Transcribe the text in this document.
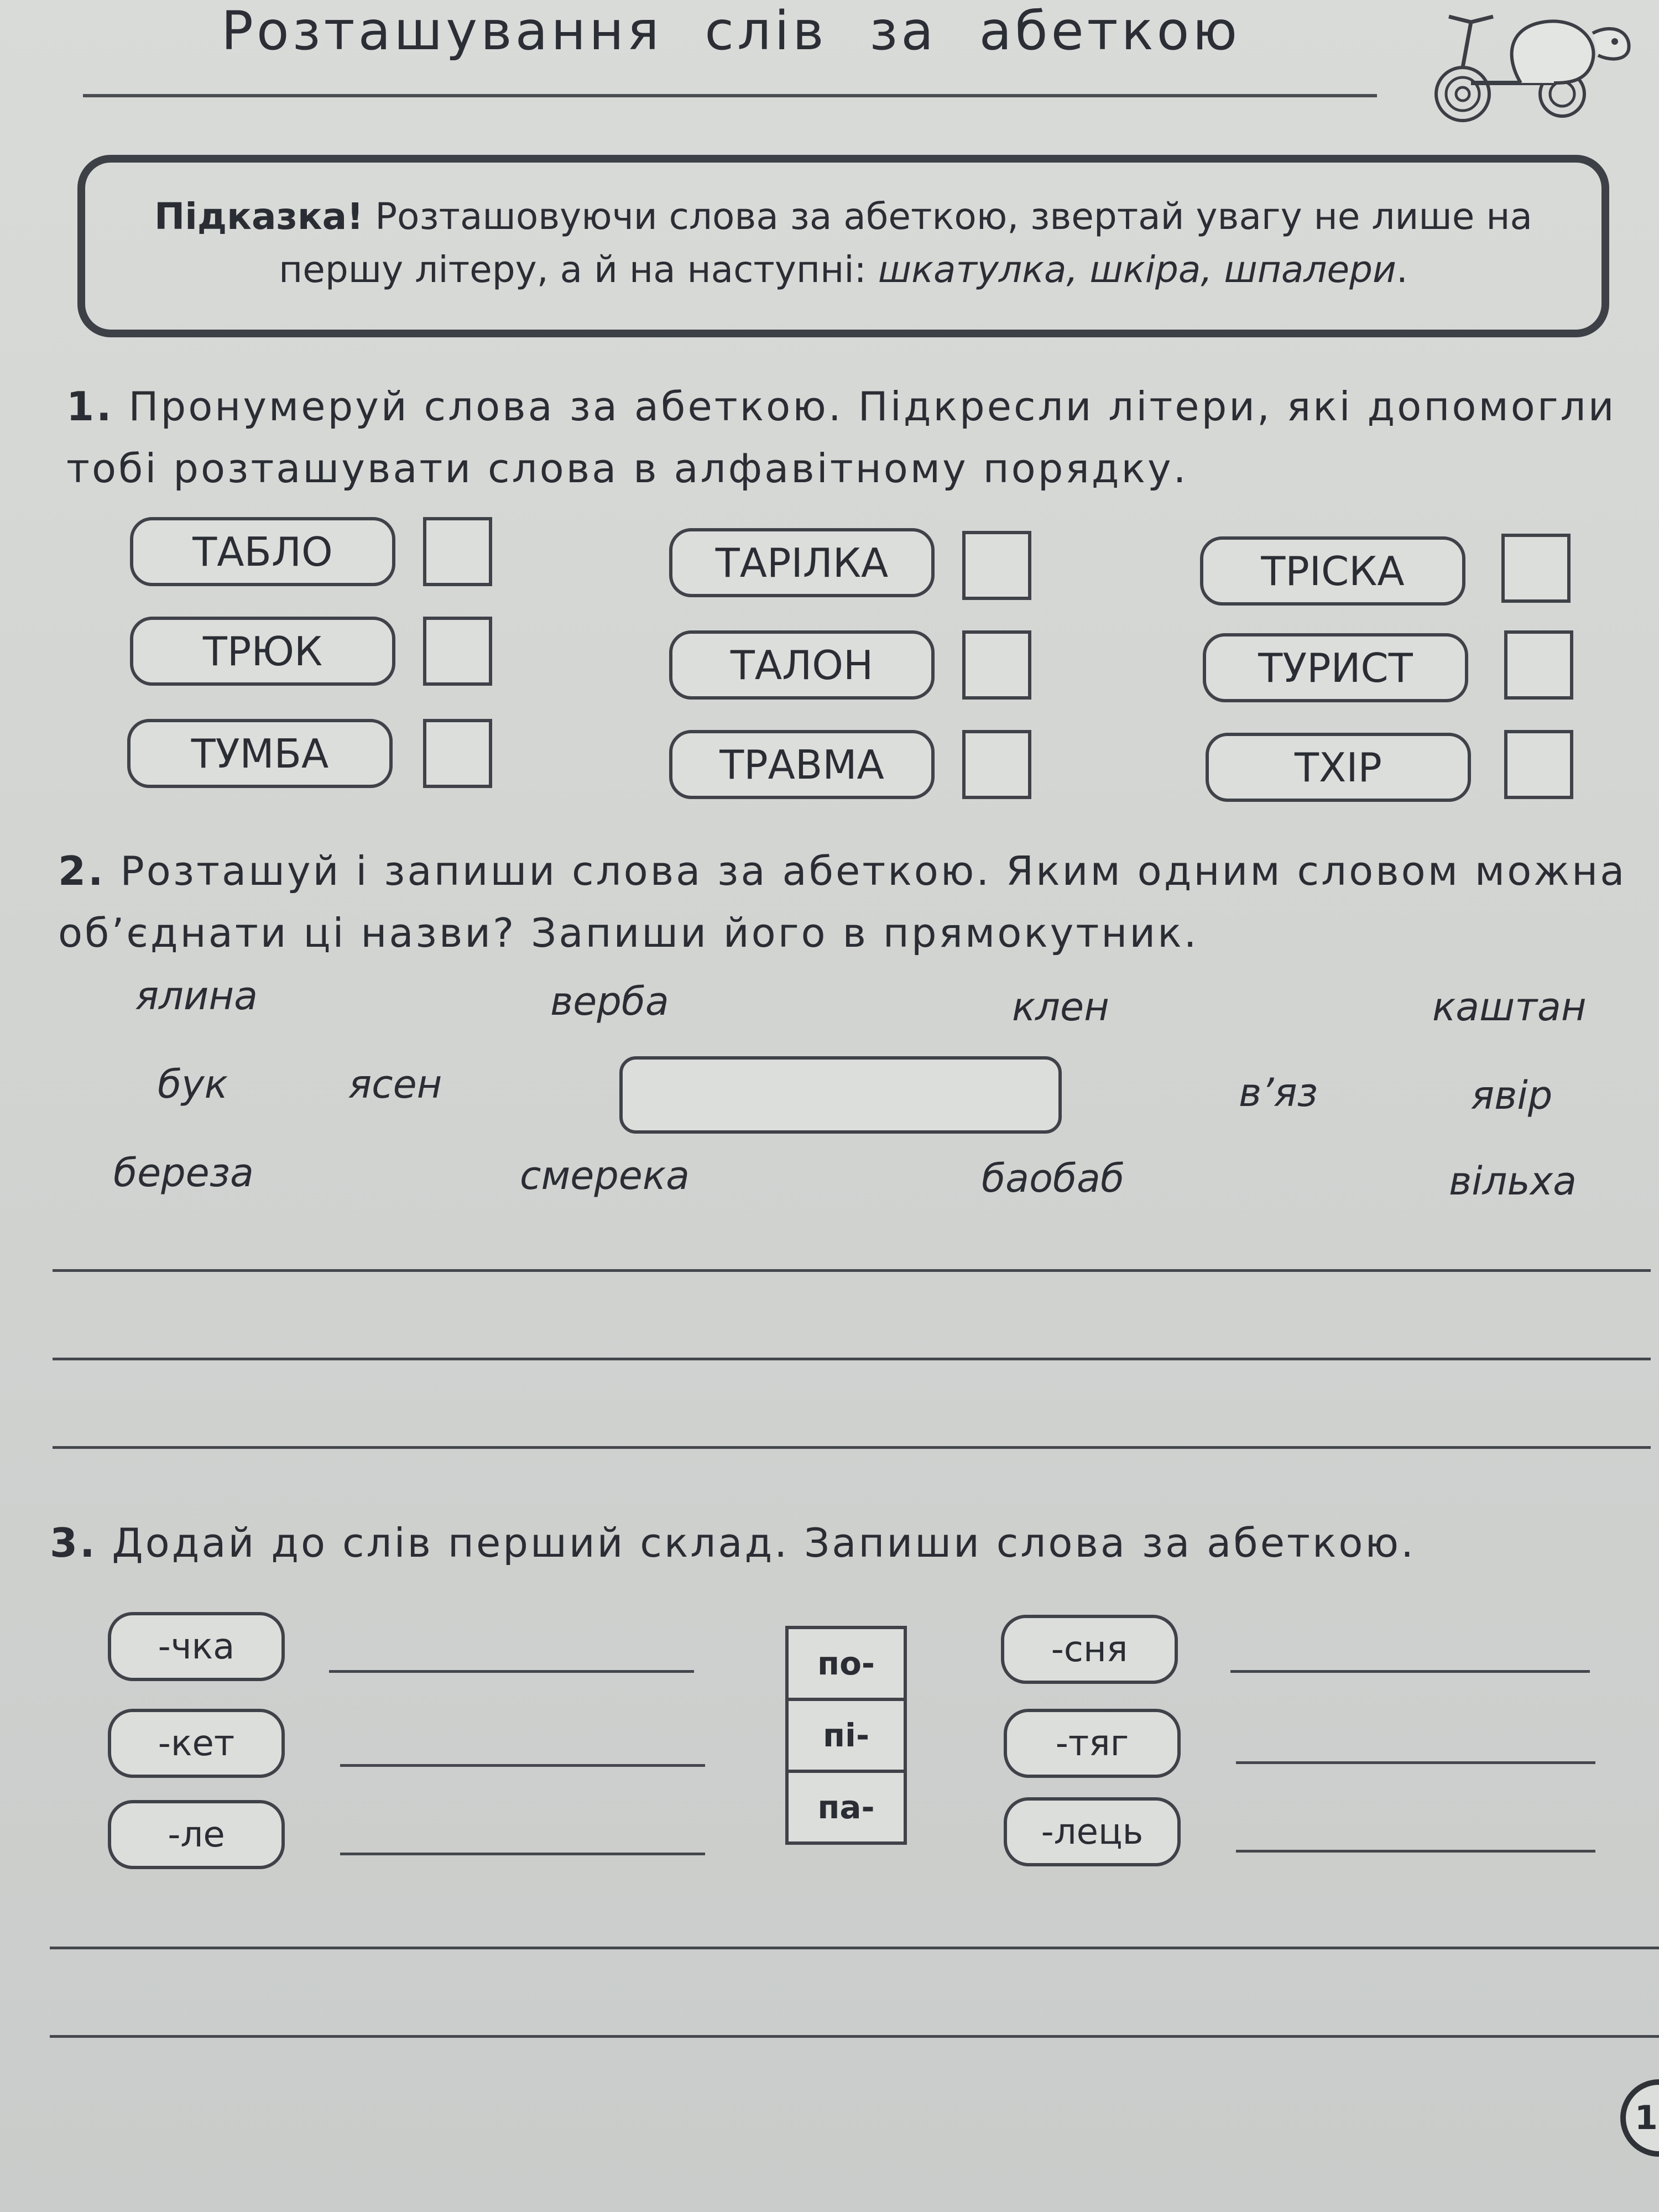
Розташування слів за абеткою
Підказка! Розташовуючи слова за абеткою, звертай увагу не лише на першу літеру, а й на наступні: шкатулка, шкіра, шпалери.
1. Пронумеруй слова за абеткою. Підкресли літери, які допомогли тобі розташувати слова в алфавітному порядку.
ТАБЛО	ТАРІЛКА	ТРІСКА
ТРЮК	ТАЛОН	ТУРИСТ
ТУМБА	ТРАВМА	ТХІР
2. Розташуй і запиши слова за абеткою. Яким одним словом можна об’єднати ці назви? Запиши його в прямокутник.
ялина	верба	клен	каштан
бук	ясен	в’яз	явір
береза	смерека	баобаб	вільха
3. Додай до слів перший склад. Запиши слова за абеткою.
-чка
-кет
-ле
по-
пі-
па-
-сня
-тяг
-лець
1
